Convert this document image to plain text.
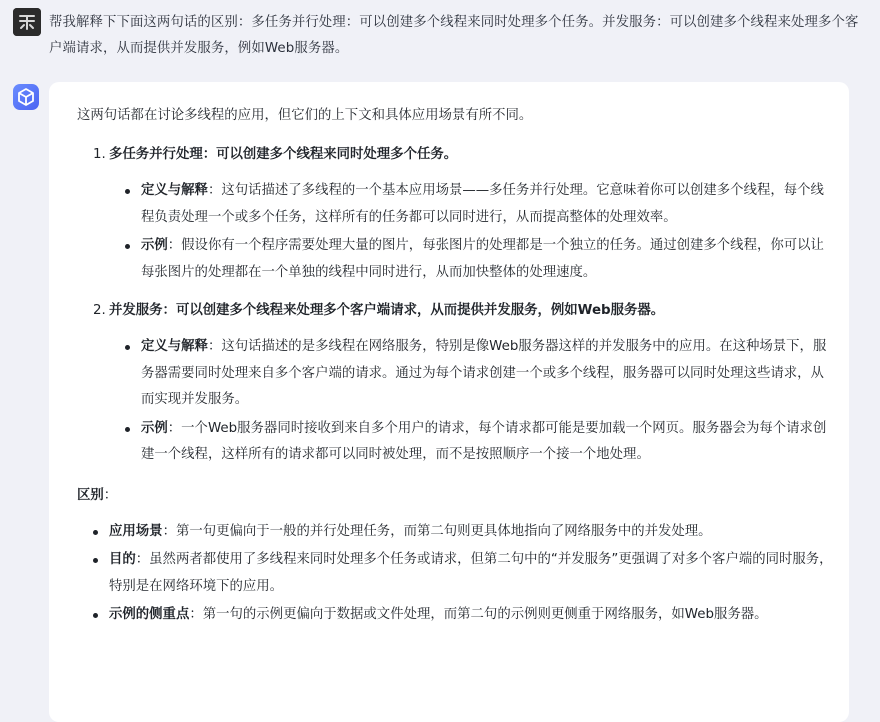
帮我解释下下面这两句话的区别：多任务并行处理：可以创建多个线程来同时处理多个任务。并发服务：可以创建多个线程来处理多个客户端请求，从而提供并发服务，例如Web服务器。

这两句话都在讨论多线程的应用，但它们的上下文和具体应用场景有所不同。

1. 多任务并行处理：可以创建多个线程来同时处理多个任务。
定义与解释：这句话描述了多线程的一个基本应用场景——多任务并行处理。它意味着你可以创建多个线程，每个线程负责处理一个或多个任务，这样所有的任务都可以同时进行，从而提高整体的处理效率。
示例：假设你有一个程序需要处理大量的图片，每张图片的处理都是一个独立的任务。通过创建多个线程，你可以让每张图片的处理都在一个单独的线程中同时进行，从而加快整体的处理速度。
2. 并发服务：可以创建多个线程来处理多个客户端请求，从而提供并发服务，例如Web服务器。
定义与解释：这句话描述的是多线程在网络服务，特别是像Web服务器这样的并发服务中的应用。在这种场景下，服务器需要同时处理来自多个客户端的请求。通过为每个请求创建一个或多个线程，服务器可以同时处理这些请求，从而实现并发服务。
示例：一个Web服务器同时接收到来自多个用户的请求，每个请求都可能是要加载一个网页。服务器会为每个请求创建一个线程，这样所有的请求都可以同时被处理，而不是按照顺序一个接一个地处理。
区别：
应用场景：第一句更偏向于一般的并行处理任务，而第二句则更具体地指向了网络服务中的并发处理。
目的：虽然两者都使用了多线程来同时处理多个任务或请求，但第二句中的“并发服务”更强调了对多个客户端的同时服务，特别是在网络环境下的应用。
示例的侧重点：第一句的示例更偏向于数据或文件处理，而第二句的示例则更侧重于网络服务，如Web服务器。
